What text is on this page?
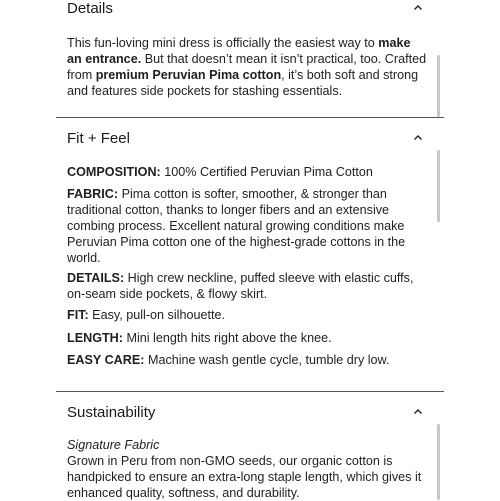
Details

This fun-loving mini dress is officially the easiest way to make an entrance. But that doesn’t mean it isn’t practical, too. Crafted from premium Peruvian Pima cotton, it’s both soft and strong and features side pockets for stashing essentials.

Fit + Feel

COMPOSITION: 100% Certified Peruvian Pima Cotton

FABRIC: Pima cotton is softer, smoother, & stronger than traditional cotton, thanks to longer fibers and an extensive combing process. Excellent natural growing conditions make Peruvian Pima cotton one of the highest-grade cottons in the world.

DETAILS: High crew neckline, puffed sleeve with elastic cuffs, on-seam side pockets, & flowy skirt.

FIT: Easy, pull-on silhouette.

LENGTH: Mini length hits right above the knee.

EASY CARE: Machine wash gentle cycle, tumble dry low.

Sustainability

Signature Fabric

Grown in Peru from non-GMO seeds, our organic cotton is handpicked to ensure an extra-long staple length, which gives it enhanced quality, softness, and durability.
